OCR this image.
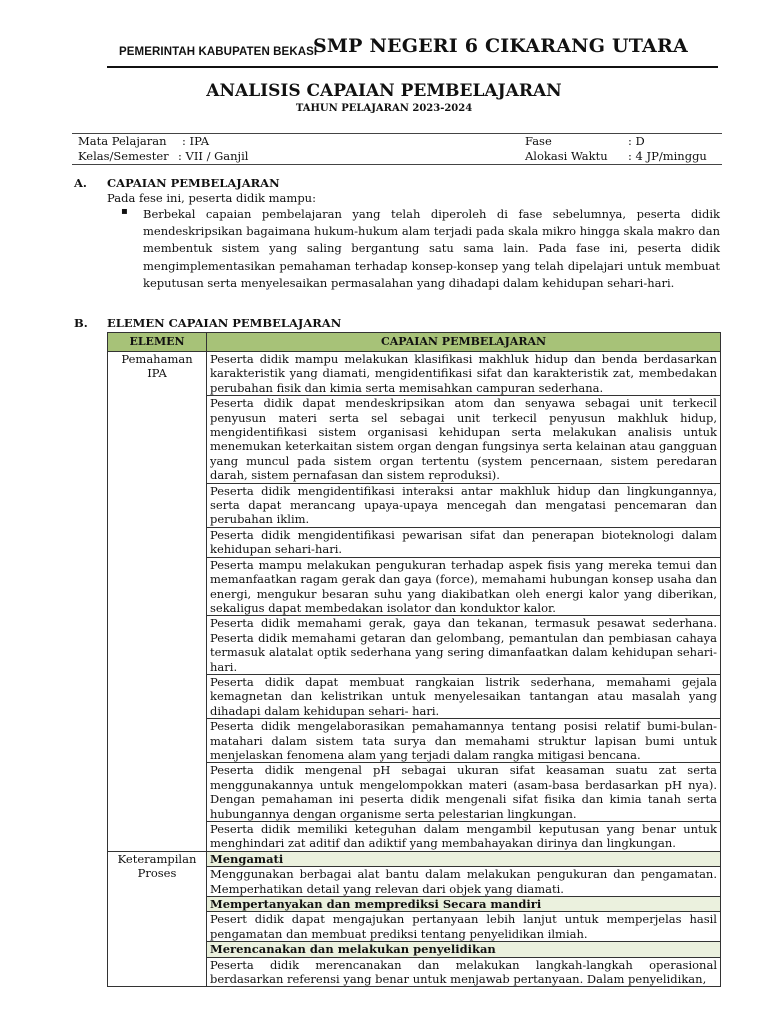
PEMERINTAH KABUPATEN BEKASI
SMP NEGERI 6 CIKARANG UTARA
ANALISIS CAPAIAN PEMBELAJARAN
TAHUN PELAJARAN 2023-2024
Mata Pelajaran : IPA	Fase	: D
Kelas/Semester : VII / Ganjil	Alokasi Waktu : 4 JP/minggu
A. CAPAIAN PEMBELAJARAN
Pada fese ini, peserta didik mampu:
▪ Berbekal capaian pembelajaran yang telah diperoleh di fase sebelumnya, peserta didik mendeskripsikan bagaimana hukum-hukum alam terjadi pada skala mikro hingga skala makro dan membentuk sistem yang saling bergantung satu sama lain. Pada fase ini, peserta didik mengimplementasikan pemahaman terhadap konsep-konsep yang telah dipelajari untuk membuat keputusan serta menyelesaikan permasalahan yang dihadapi dalam kehidupan sehari-hari.
B. ELEMEN CAPAIAN PEMBELAJARAN
ELEMEN	CAPAIAN PEMBELAJARAN
Pemahaman IPA	Peserta didik mampu melakukan klasifikasi makhluk hidup dan benda berdasarkan karakteristik yang diamati, mengidentifikasi sifat dan karakteristik zat, membedakan perubahan fisik dan kimia serta memisahkan campuran sederhana.
	Peserta didik dapat mendeskripsikan atom dan senyawa sebagai unit terkecil penyusun materi serta sel sebagai unit terkecil penyusun makhluk hidup, mengidentifikasi sistem organisasi kehidupan serta melakukan analisis untuk menemukan keterkaitan sistem organ dengan fungsinya serta kelainan atau gangguan yang muncul pada sistem organ tertentu (system pencernaan, sistem peredaran darah, sistem pernafasan dan sistem reproduksi).
	Peserta didik mengidentifikasi interaksi antar makhluk hidup dan lingkungannya, serta dapat merancang upaya-upaya mencegah dan mengatasi pencemaran dan perubahan iklim.
	Peserta didik mengidentifikasi pewarisan sifat dan penerapan bioteknologi dalam kehidupan sehari-hari.
	Peserta mampu melakukan pengukuran terhadap aspek fisis yang mereka temui dan memanfaatkan ragam gerak dan gaya (force), memahami hubungan konsep usaha dan energi, mengukur besaran suhu yang diakibatkan oleh energi kalor yang diberikan, sekaligus dapat membedakan isolator dan konduktor kalor.
	Peserta didik memahami gerak, gaya dan tekanan, termasuk pesawat sederhana. Peserta didik memahami getaran dan gelombang, pemantulan dan pembiasan cahaya termasuk alatalat optik sederhana yang sering dimanfaatkan dalam kehidupan sehari-hari.
	Peserta didik dapat membuat rangkaian listrik sederhana, memahami gejala kemagnetan dan kelistrikan untuk menyelesaikan tantangan atau masalah yang dihadapi dalam kehidupan sehari- hari.
	Peserta didik mengelaborasikan pemahamannya tentang posisi relatif bumi-bulan-matahari dalam sistem tata surya dan memahami struktur lapisan bumi untuk menjelaskan fenomena alam yang terjadi dalam rangka mitigasi bencana.
	Peserta didik mengenal pH sebagai ukuran sifat keasaman suatu zat serta menggunakannya untuk mengelompokkan materi (asam-basa berdasarkan pH nya). Dengan pemahaman ini peserta didik mengenali sifat fisika dan kimia tanah serta hubungannya dengan organisme serta pelestarian lingkungan.
	Peserta didik memiliki keteguhan dalam mengambil keputusan yang benar untuk menghindari zat aditif dan adiktif yang membahayakan dirinya dan lingkungan.
Keterampilan Proses	Mengamati
	Menggunakan berbagai alat bantu dalam melakukan pengukuran dan pengamatan. Memperhatikan detail yang relevan dari objek yang diamati.
	Mempertanyakan dan memprediksi Secara mandiri
	Pesert didik dapat mengajukan pertanyaan lebih lanjut untuk memperjelas hasil pengamatan dan membuat prediksi tentang penyelidikan ilmiah.
	Merencanakan dan melakukan penyelidikan
	Peserta didik merencanakan dan melakukan langkah-langkah operasional berdasarkan referensi yang benar untuk menjawab pertanyaan. Dalam penyelidikan,
